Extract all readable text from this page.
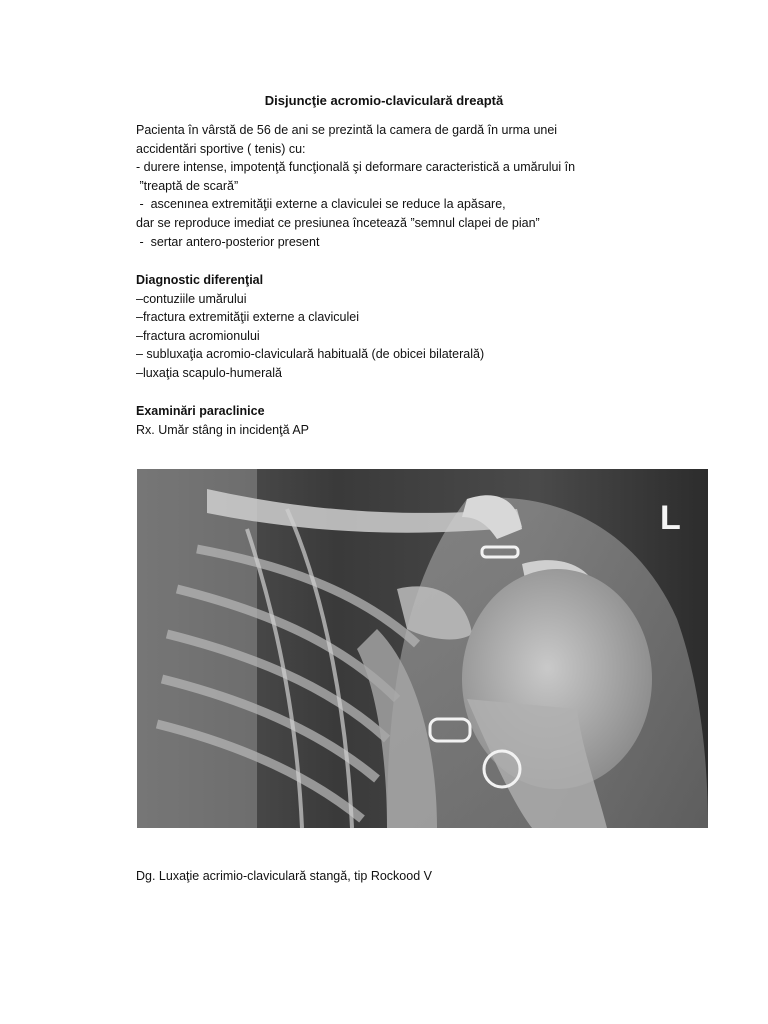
Disjuncţie acromio-claviculară dreaptă
Pacienta în vârstă de 56 de ani se prezintă la camera de gardă în urma unei
accidentări sportive ( tenis) cu:
- durere intense, impotenţă funcţională şi deformare caracteristică a umărului în
”treaptă de scară”
-  ascenınea extremităţii externe a claviculei se reduce la apăsare,
dar se reproduce imediat ce presiunea încetează ”semnul clapei de pian”
-  sertar antero-posterior present
Diagnostic diferenţial
–contuziile umărului
–fractura extremităţii externe a claviculei
–fractura acromionului
– subluxaţia acromio-claviculară habituală (de obicei bilaterală)
–luxaţia scapulo-humerală
Examinări paraclinice
Rx. Umăr stâng in incidenţă AP
L
Dg. Luxaţie acrimio-claviculară stangă, tip Rockood V
